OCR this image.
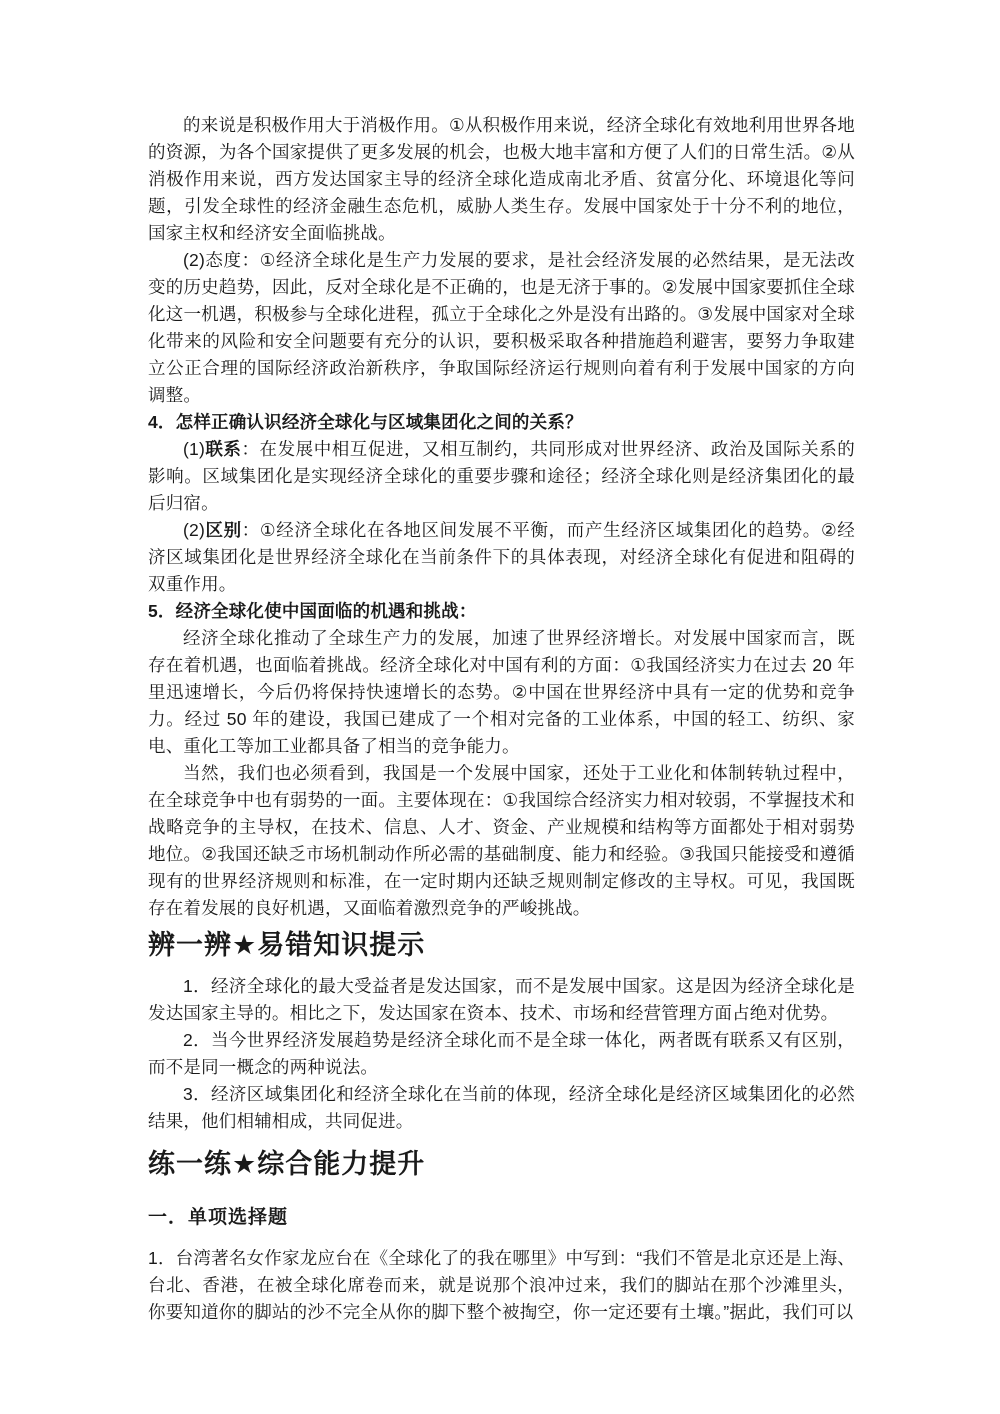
的来说是积极作用大于消极作用。①从积极作用来说，经济全球化有效地利用世界各地的资源，为各个国家提供了更多发展的机会，也极大地丰富和方便了人们的日常生活。②从消极作用来说，西方发达国家主导的经济全球化造成南北矛盾、贫富分化、环境退化等问题，引发全球性的经济金融生态危机，威胁人类生存。发展中国家处于十分不利的地位，国家主权和经济安全面临挑战。

(2)态度：①经济全球化是生产力发展的要求，是社会经济发展的必然结果，是无法改变的历史趋势，因此，反对全球化是不正确的，也是无济于事的。②发展中国家要抓住全球化这一机遇，积极参与全球化进程，孤立于全球化之外是没有出路的。③发展中国家对全球化带来的风险和安全问题要有充分的认识，要积极采取各种措施趋利避害，要努力争取建立公正合理的国际经济政治新秩序，争取国际经济运行规则向着有利于发展中国家的方向调整。

4．怎样正确认识经济全球化与区域集团化之间的关系？

(1)联系：在发展中相互促进，又相互制约，共同形成对世界经济、政治及国际关系的影响。区域集团化是实现经济全球化的重要步骤和途径；经济全球化则是经济集团化的最后归宿。

(2)区别：①经济全球化在各地区间发展不平衡，而产生经济区域集团化的趋势。②经济区域集团化是世界经济全球化在当前条件下的具体表现，对经济全球化有促进和阻碍的双重作用。

5．经济全球化使中国面临的机遇和挑战：

经济全球化推动了全球生产力的发展，加速了世界经济增长。对发展中国家而言，既存在着机遇，也面临着挑战。经济全球化对中国有利的方面：①我国经济实力在过去 20 年里迅速增长，今后仍将保持快速增长的态势。②中国在世界经济中具有一定的优势和竞争力。经过 50 年的建设，我国已建成了一个相对完备的工业体系，中国的轻工、纺织、家电、重化工等加工业都具备了相当的竞争能力。

当然，我们也必须看到，我国是一个发展中国家，还处于工业化和体制转轨过程中，在全球竞争中也有弱势的一面。主要体现在：①我国综合经济实力相对较弱，不掌握技术和战略竞争的主导权，在技术、信息、人才、资金、产业规模和结构等方面都处于相对弱势地位。②我国还缺乏市场机制动作所必需的基础制度、能力和经验。③我国只能接受和遵循现有的世界经济规则和标准，在一定时期内还缺乏规则制定修改的主导权。可见，我国既存在着发展的良好机遇，又面临着激烈竞争的严峻挑战。

辨一辨★易错知识提示

1．经济全球化的最大受益者是发达国家，而不是发展中国家。这是因为经济全球化是发达国家主导的。相比之下，发达国家在资本、技术、市场和经营管理方面占绝对优势。

2．当今世界经济发展趋势是经济全球化而不是全球一体化，两者既有联系又有区别，而不是同一概念的两种说法。

3．经济区域集团化和经济全球化在当前的体现，经济全球化是经济区域集团化的必然结果，他们相辅相成，共同促进。

练一练★综合能力提升
一．单项选择题

1．台湾著名女作家龙应台在《全球化了的我在哪里》中写到：“我们不管是北京还是上海、台北、香港，在被全球化席卷而来，就是说那个浪冲过来，我们的脚站在那个沙滩里头，你要知道你的脚站的沙不完全从你的脚下整个被掏空，你一定还要有土壤。”据此，我们可以
